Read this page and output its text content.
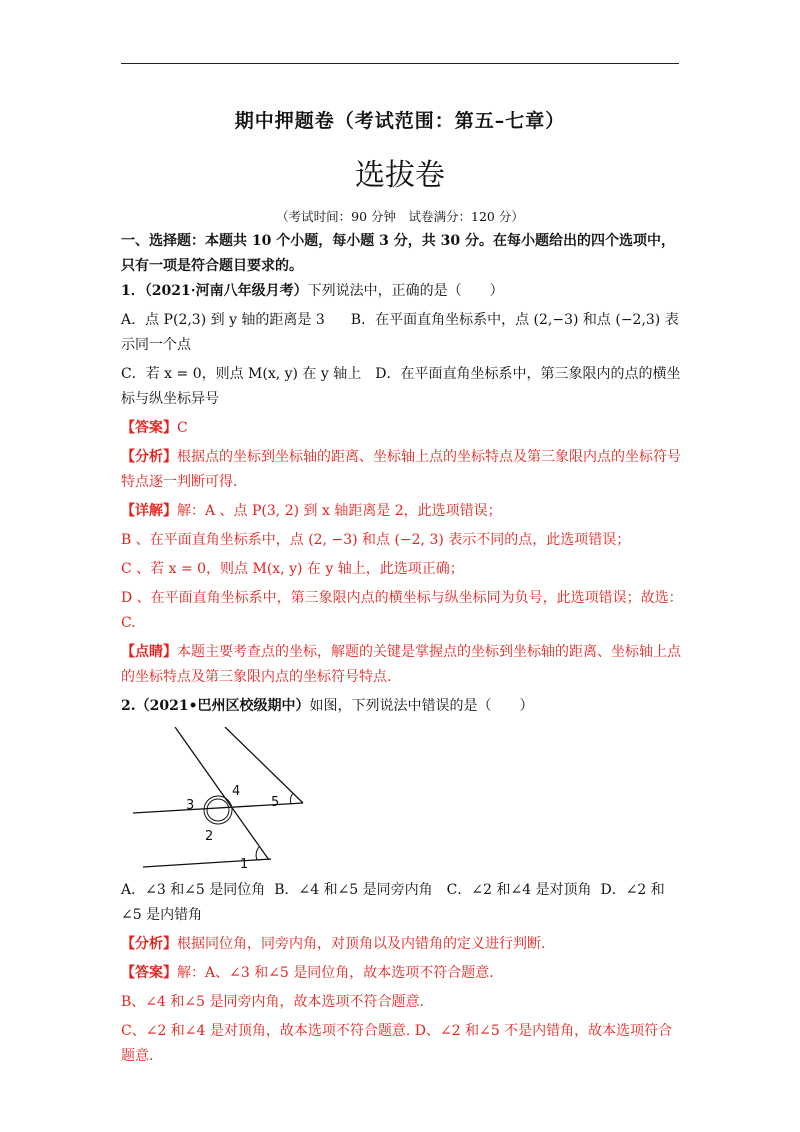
期中押题卷（考试范围：第五–七章）
选拔卷
（考试时间：90 分钟　试卷满分：120 分）

一、选择题：本题共 10 个小题，每小题 3 分，共 30 分。在每小题给出的四个选项中，只有一项是符合题目要求的。

1．（2021·河南八年级月考）下列说法中，正确的是（　　）

A．点 P(2,3) 到 y 轴的距离是 3 B．在平面直角坐标系中，点 (2,−3) 和点 (−2,3) 表示同一个点

C．若 x = 0，则点 M(x, y) 在 y 轴上 D．在平面直角坐标系中，第三象限内的点的横坐标与纵坐标异号

【答案】C

【分析】根据点的坐标到坐标轴的距离、坐标轴上点的坐标特点及第三象限内点的坐标符号特点逐一判断可得.

【详解】解：A 、点 P(3, 2) 到 x 轴距离是 2，此选项错误；

B 、在平面直角坐标系中，点 (2, −3) 和点 (−2, 3) 表示不同的点，此选项错误；

C 、若 x = 0，则点 M(x, y) 在 y 轴上，此选项正确；

D 、在平面直角坐标系中，第三象限内点的横坐标与纵坐标同为负号，此选项错误；故选：C.

【点睛】本题主要考查点的坐标，解题的关键是掌握点的坐标到坐标轴的距离、坐标轴上点的坐标特点及第三象限内点的坐标符号特点.

2.（2021•巴州区校级期中）如图，下列说法中错误的是（　　）

1
2
3
4
5

A．∠3 和∠5 是同位角 B．∠4 和∠5 是同旁内角 C．∠2 和∠4 是对顶角 D．∠2 和∠5 是内错角

【分析】根据同位角，同旁内角，对顶角以及内错角的定义进行判断.

【答案】解：A、∠3 和∠5 是同位角，故本选项不符合题意.

B、∠4 和∠5 是同旁内角，故本选项不符合题意.

C、∠2 和∠4 是对顶角，故本选项不符合题意. D、∠2 和∠5 不是内错角，故本选项符合题意.
